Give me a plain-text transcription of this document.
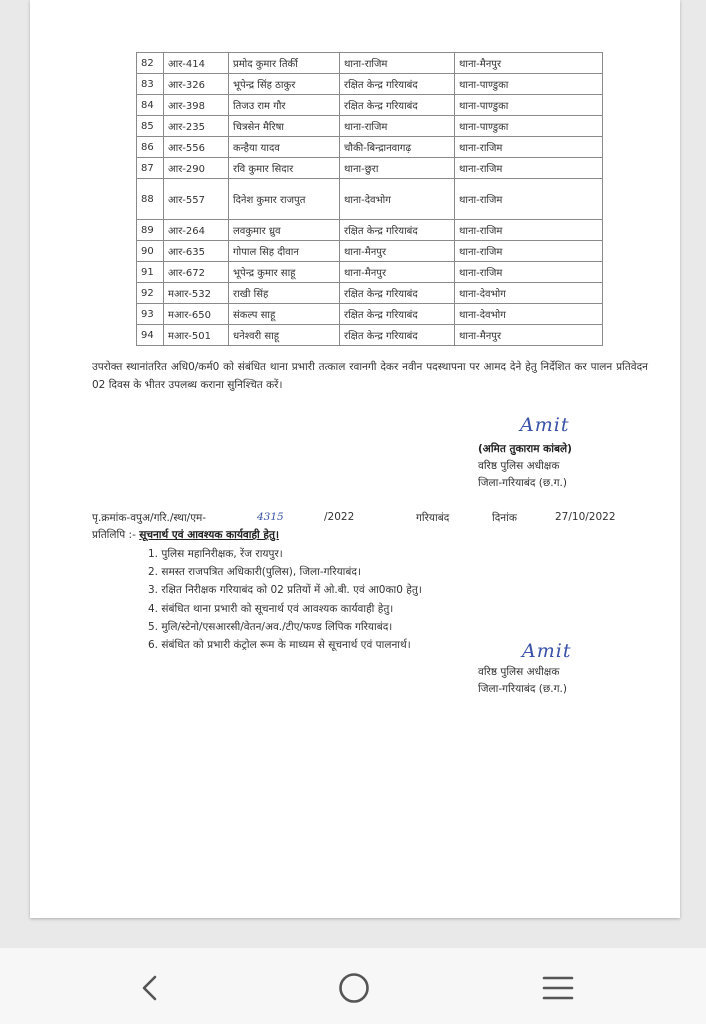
82	आर-414	प्रमोद कुमार तिर्की	थाना-राजिम	थाना-मैनपुर
83	आर-326	भूपेन्द्र सिंह ठाकुर	रक्षित केन्द्र गरियाबंद	थाना-पाण्डुका
84	आर-398	तिजउ राम गौर	रक्षित केन्द्र गरियाबंद	थाना-पाण्डुका
85	आर-235	चित्रसेन मैरिषा	थाना-राजिम	थाना-पाण्डुका
86	आर-556	कन्हैया यादव	चौकी-बिन्द्रानवागढ़	थाना-राजिम
87	आर-290	रवि कुमार सिदार	थाना-छुरा	थाना-राजिम
88	आर-557	दिनेश कुमार राजपुत	थाना-देवभोग	थाना-राजिम
89	आर-264	लवकुमार ध्रुव	रक्षित केन्द्र गरियाबंद	थाना-राजिम
90	आर-635	गोपाल सिह दीवान	थाना-मैनपुर	थाना-राजिम
91	आर-672	भूपेन्द्र कुमार साहू	थाना-मैनपुर	थाना-राजिम
92	मआर-532	राखी सिंह	रक्षित केन्द्र गरियाबंद	थाना-देवभोग
93	मआर-650	संकल्प साहू	रक्षित केन्द्र गरियाबंद	थाना-देवभोग
94	मआर-501	धनेश्वरी साहू	रक्षित केन्द्र गरियाबंद	थाना-मैनपुर

उपरोक्त स्थानांतरित अधि0/कर्म0 को संबंधित थाना प्रभारी तत्काल रवानगी देकर नवीन पदस्थापना पर आमद देने हेतु निर्देशित कर पालन प्रतिवेदन 02 दिवस के भीतर उपलब्ध कराना सुनिश्चित करें।

Amit
(अमित तुकाराम कांबले)
वरिष्ठ पुलिस अधीक्षक
जिला-गरियाबंद (छ.ग.)
पृ.क्रमांक-वपुअ/गरि./स्था/एम-	4315	/2022	गरियाबंद	दिनांक	27/10/2022
प्रतिलिपि :- सूचनार्थ एवं आवश्यक कार्यवाही हेतु।
1. पुलिस महानिरीक्षक, रेंज रायपुर।
2. समस्त राजपत्रित अधिकारी(पुलिस), जिला-गरियाबंद।
3. रक्षित निरीक्षक गरियाबंद को 02 प्रतियों में ओ.बी. एवं आ0का0 हेतु।
4. संबंधित थाना प्रभारी को सूचनार्थ एवं आवश्यक कार्यवाही हेतु।
5. मुलि/स्टेनो/एसआरसी/वेतन/अव./टीए/फण्ड लिपिक गरियाबंद।
6. संबंधित को प्रभारी कंट्रोल रूम के माध्यम से सूचनार्थ एवं पालनार्थ।	Amit
वरिष्ठ पुलिस अधीक्षक
जिला-गरियाबंद (छ.ग.)
